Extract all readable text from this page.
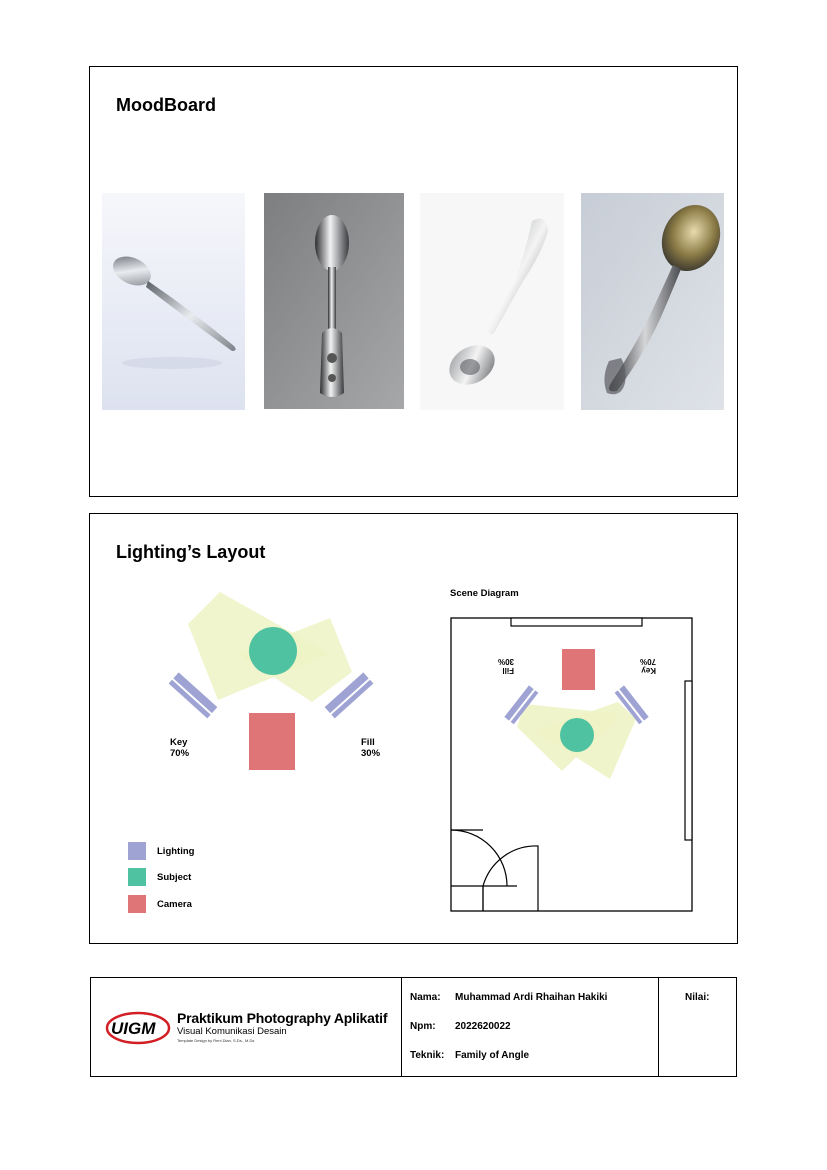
MoodBoard
Lighting’s Layout
Key
70%
Fill
30%
Lighting
Subject
Camera
Scene Diagram
Fill
30%
Key
70%
UIGM
Praktikum Photography Aplikatif
Visual Komunikasi Desain
Template Design by Reni Dian, S.Ds., M.Ds
Nama: Muhammad Ardi Rhaihan Hakiki
Npm: 2022620022
Teknik: Family of Angle
Nilai:
